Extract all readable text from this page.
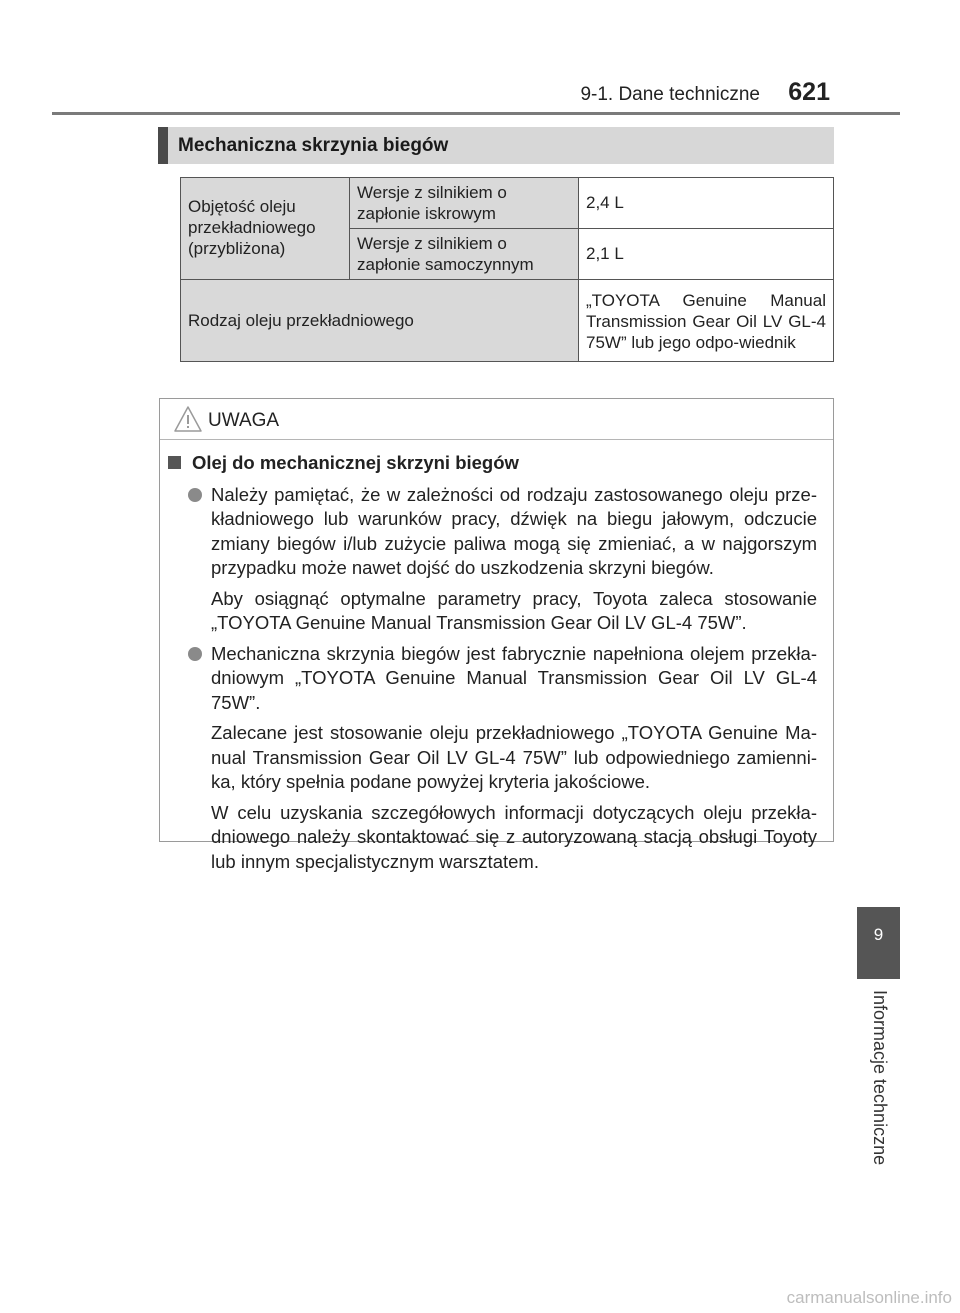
9-1. Dane techniczne 621
Mechaniczna skrzynia biegów
Objętość oleju przekładniowego (przybliżona)	Wersje z silnikiem o zapłonie iskrowym	2,4 L
	Wersje z silnikiem o zapłonie samoczynnym	2,1 L
Rodzaj oleju przekładniowego		„TOYOTA Genuine Manual Transmission Gear Oil LV GL-4 75W” lub jego odpo-wiednik
UWAGA
Olej do mechanicznej skrzyni biegów
Należy pamiętać, że w zależności od rodzaju zastosowanego oleju prze-kładniowego lub warunków pracy, dźwięk na biegu jałowym, odczucie zmiany biegów i/lub zużycie paliwa mogą się zmieniać, a w najgorszym przypadku może nawet dojść do uszkodzenia skrzyni biegów.
Aby osiągnąć optymalne parametry pracy, Toyota zaleca stosowanie „TOYOTA Genuine Manual Transmission Gear Oil LV GL-4 75W”.
Mechaniczna skrzynia biegów jest fabrycznie napełniona olejem przekła-dniowym „TOYOTA Genuine Manual Transmission Gear Oil LV GL-4 75W”.
Zalecane jest stosowanie oleju przekładniowego „TOYOTA Genuine Ma-nual Transmission Gear Oil LV GL-4 75W” lub odpowiedniego zamienni-ka, który spełnia podane powyżej kryteria jakościowe.
W celu uzyskania szczegółowych informacji dotyczących oleju przekła-dniowego należy skontaktować się z autoryzowaną stacją obsługi Toyoty lub innym specjalistycznym warsztatem.
9
Informacje techniczne
carmanualsonline.info
